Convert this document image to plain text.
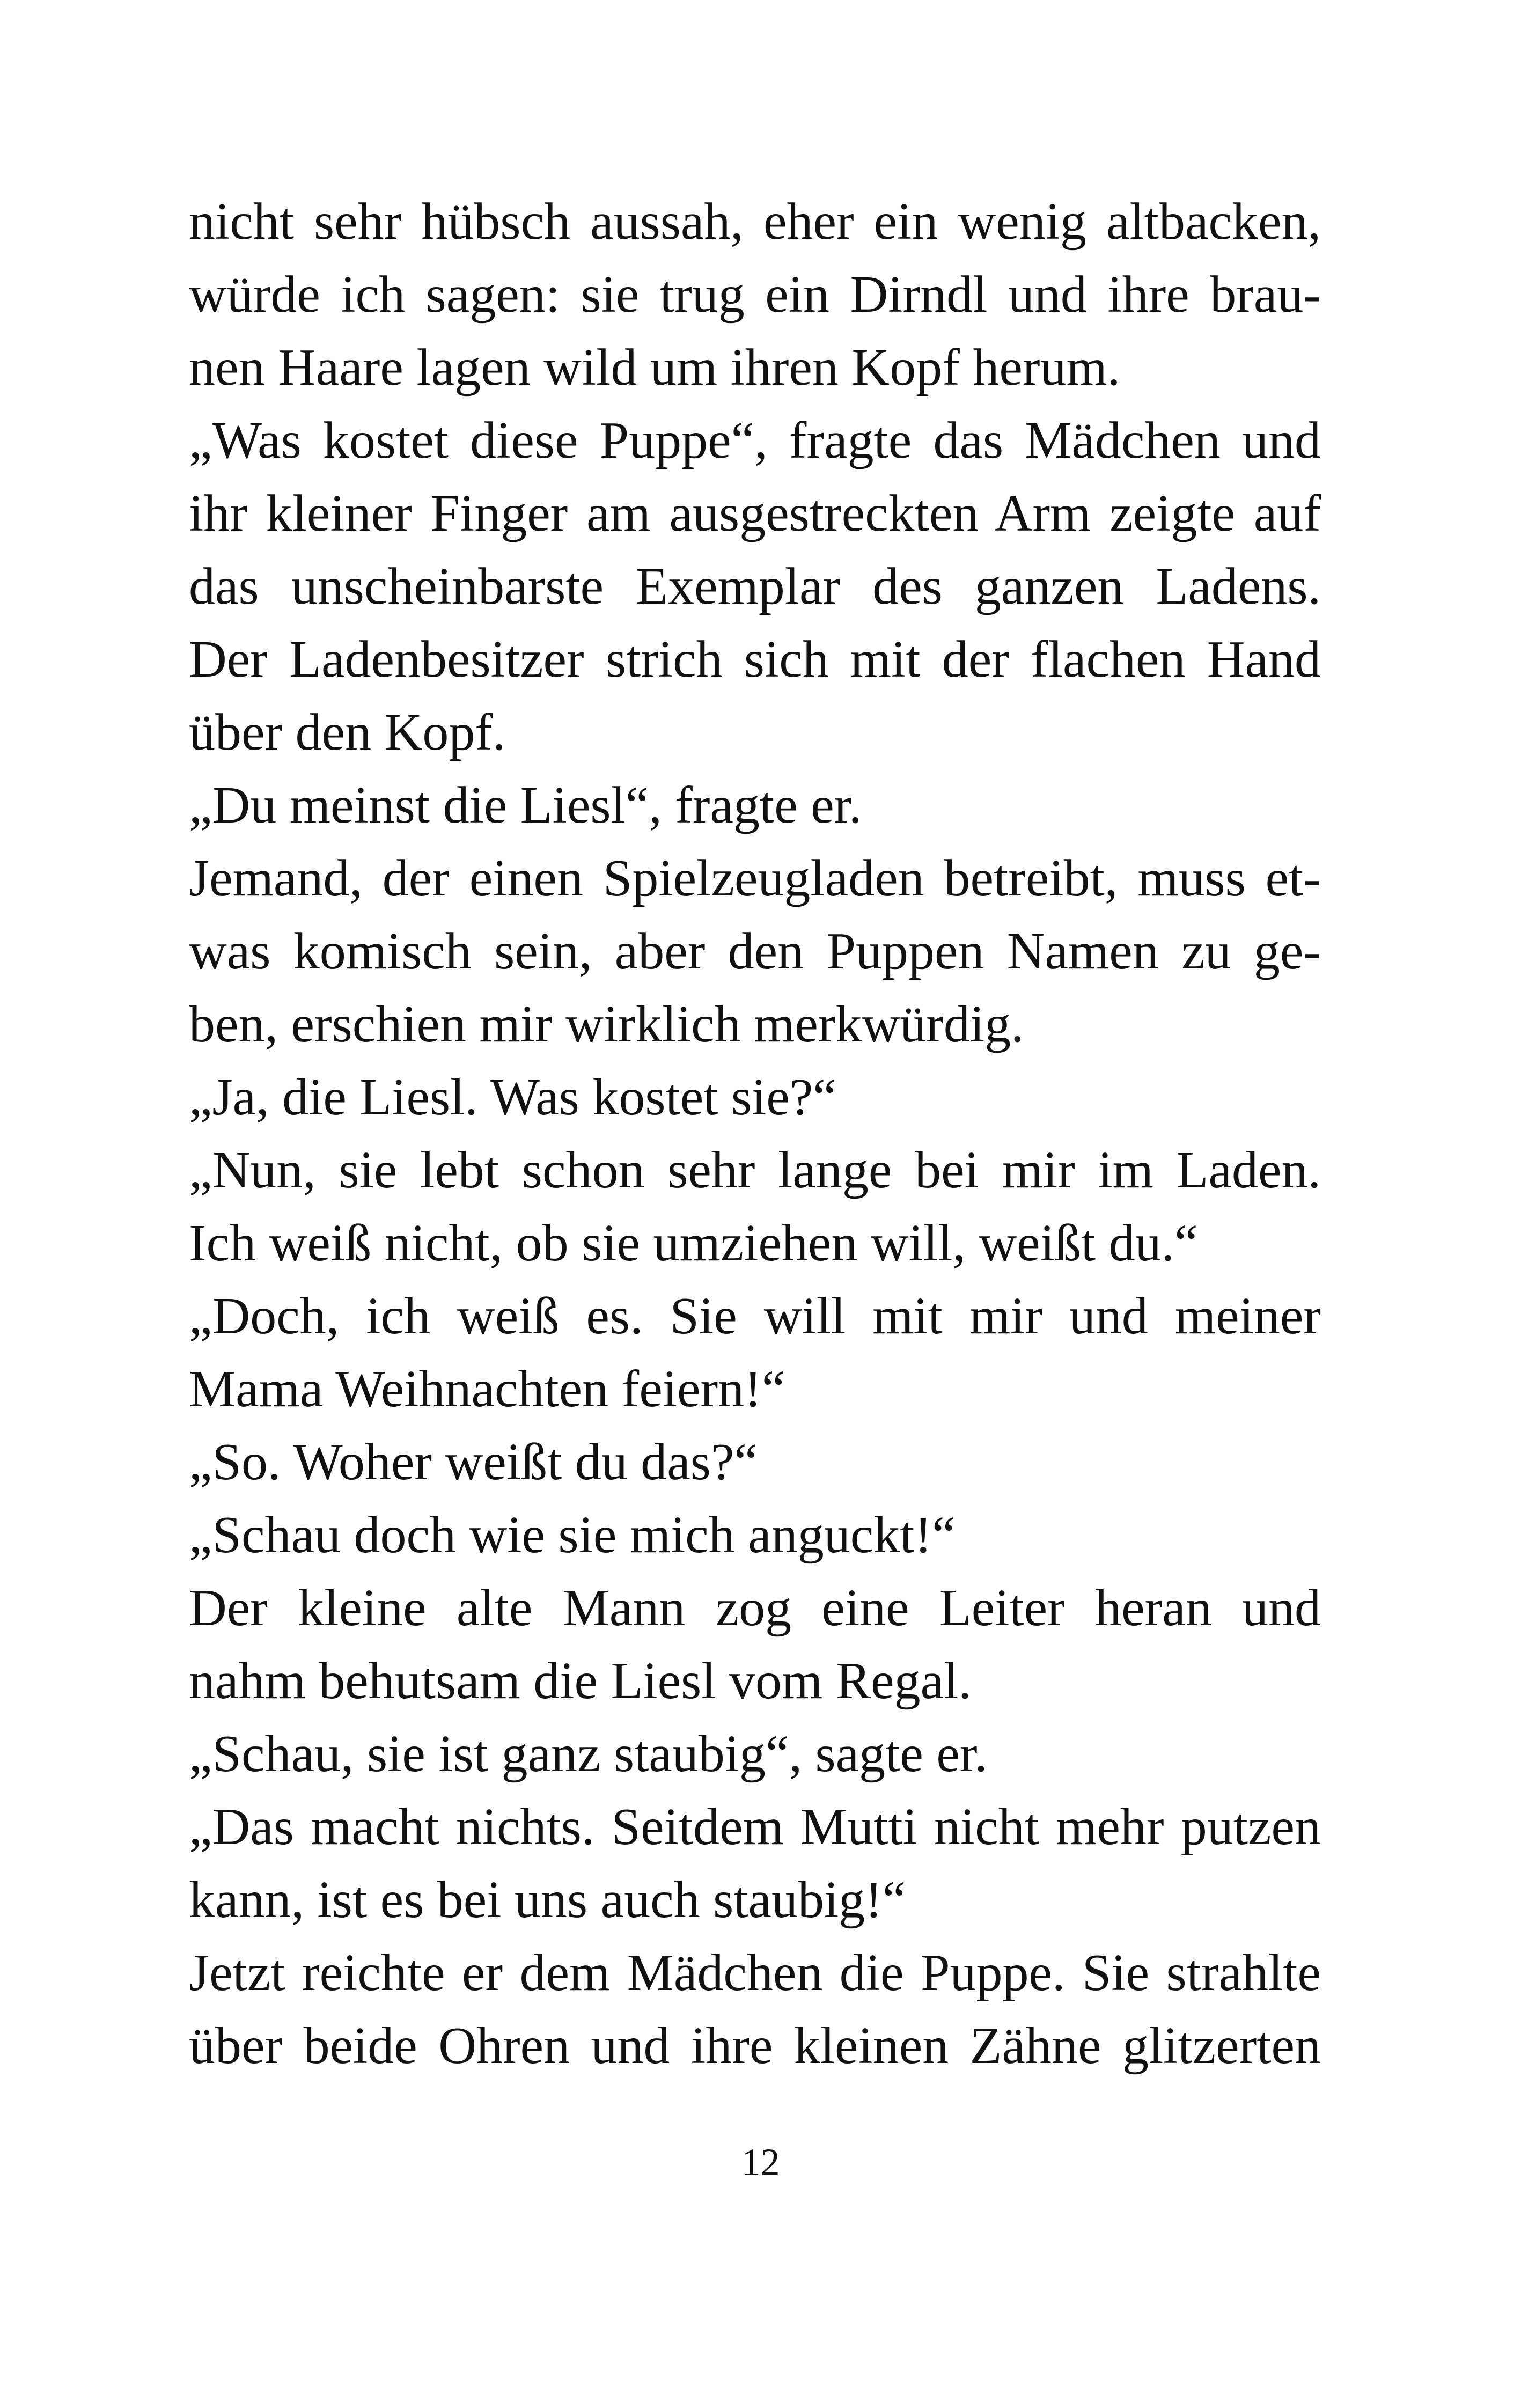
nicht sehr hübsch aussah, eher ein wenig altbacken,
würde ich sagen: sie trug ein Dirndl und ihre brau-
nen Haare lagen wild um ihren Kopf herum.
„Was kostet diese Puppe“, fragte das Mädchen und
ihr kleiner Finger am ausgestreckten Arm zeigte auf
das unscheinbarste Exemplar des ganzen Ladens.
Der Ladenbesitzer strich sich mit der flachen Hand
über den Kopf.
„Du meinst die Liesl“, fragte er.
Jemand, der einen Spielzeugladen betreibt, muss et-
was komisch sein, aber den Puppen Namen zu ge-
ben, erschien mir wirklich merkwürdig.
„Ja, die Liesl. Was kostet sie?“
„Nun, sie lebt schon sehr lange bei mir im Laden.
Ich weiß nicht, ob sie umziehen will, weißt du.“
„Doch, ich weiß es. Sie will mit mir und meiner
Mama Weihnachten feiern!“
„So. Woher weißt du das?“
„Schau doch wie sie mich anguckt!“
Der kleine alte Mann zog eine Leiter heran und
nahm behutsam die Liesl vom Regal.
„Schau, sie ist ganz staubig“, sagte er.
„Das macht nichts. Seitdem Mutti nicht mehr putzen
kann, ist es bei uns auch staubig!“
Jetzt reichte er dem Mädchen die Puppe. Sie strahlte
über beide Ohren und ihre kleinen Zähne glitzerten
12
